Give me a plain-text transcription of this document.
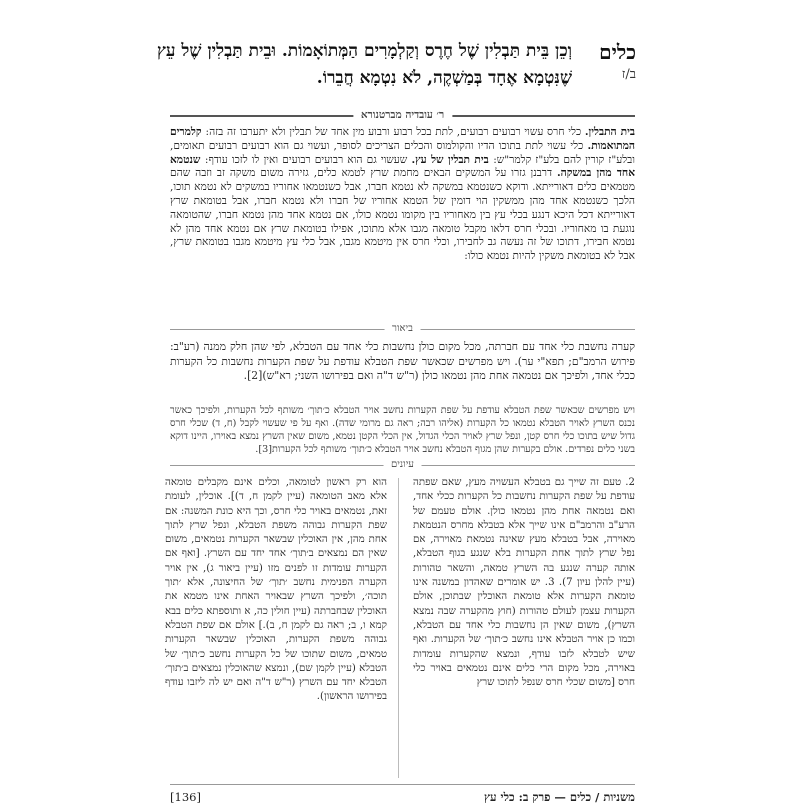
כלים
ב/ז
וְכֵן בֵּית תַּבְלִין שֶׁל חֶרֶס וְקַלְמָרִים הַמְּתוֹאָמוֹת. וּבֵית תַּבְלִין שֶׁל עֵץ שֶׁנִּטְמָא אֶחָד בְּמַשְׁקֶה, לֹא נִטְמָא חֲבֵרוֹ.
ר׳ עובדיה מברטנורא
בית התבלין. כלי חרס עשוי רבועים רבועים, לתת בכל רבוע ורבוע מין אחד של תבלין ולא יתערבו זה בזה: קלמרים המתואמות. כלי עשוי לתת בתוכו הדיו והקולמוס והכלים הצריכים לסופר, ועשוי גם הוא רבועים רבועים תאומים, ובלע"ז קורין להם בלע"ז קלמר"ש: בית תבלין של עץ. שעשוי גם הוא רבועים רבועים ואין לו לזכו עודף: שנטמא אחד מהן במשקה. דרבנן גזרו על המשקים הבאים מחמת שרץ לטמא כלים, גזירה משום משקה זב וזבה שהם מטמאים כלים דאורייתא. ודוקא כשנטמא במשקה לא נטמא חברו, אבל כשנטמאו אחוריו במשקים לא נטמא תוכו, הלכך כשנטמא אחד מהן ממשקין הוי דומין של הטמא אחוריו של חברו ולא נטמא חברו, אבל בטומאת שרץ דאורייתא דכל היכא דנגע בכלי עץ בין מאחוריו בין מקומו נטמא כולו, אם נטמא אחד מהן נטמא חברו, שהטומאה נוגעת בו מאחוריו. ובכלי חרס דלאו מקבל טומאה מגבו אלא מתוכו, אפילו בטומאת שרץ אם נטמא אחד מהן לא נטמא חבירו, דתוכו של זה נעשה גב לחבירו, וכלי חרס אין מיטמא מגבו, אבל כלי עץ מיטמא מגבו בטומאת שרץ, אבל לא בטומאת משקין להיות נטמא כולו:
ביאור
קערה נחשבת כלי אחד עם חברתה, מכל מקום כולן נחשבות כלי אחד עם הטבלא, לפי שהן חלק ממנה (רע"ב: פירוש הרמב"ם; תפא"י ער). ויש מפרשים שכאשר שפת הטבלא עודפת על שפת הקערות נחשבות כל הקערות ככלי אחד, ולפיכך אם נטמאה אחת מהן נטמאו כולן (ר"ש ד"ה ואם בפירושו השני; רא"ש)[2].
ויש מפרשים שכאשר שפת הטבלא עודפת על שפת הקערות נחשב אויר הטבלא כ׳תוך׳ משותף לכל הקערות, ולפיכך כאשר נכנס השרץ לאויר הטבלא נטמאו כל הקערות (אליהו רבה; ראה גם מרומי שדה). ואף על פי שעשוי לקבל (ח, ד) שכלי חרס גדול שיש בתוכו כלי חרס קטן, ונפל שרץ לאויר הכלי הגדול, אין הכלי הקטן נטמא, משום שאין השרץ נמצא באוירו, היינו דוקא בשני כלים נפרדים. אולם בקערות שהן מגוף הטבלא נחשב אויר הטבלא כ׳תוך׳ משותף לכל הקערות[3].
עיונים
2. טעם זה שייך גם בטבלא העשויה מעץ, שאם שפתה עודפת על שפת הקערות נחשבות כל הקערות ככלי אחד, ואם נטמאה אחת מהן נטמאו כולן. אולם טעמם של הרע"ב והרמב"ם אינו שייך אלא בטבלא מחרס הנטמאת מאוירה, אבל בטבלא מעץ שאינה נטמאת מאוירה, אם נפל שרץ לתוך אחת הקערות בלא שנגע בגוף הטבלא, אותה קערה שנגע בה השרץ טמאה, והשאר טהורות (עיין להלן עיון 7). 3. יש אומרים שאהדון במשנה אינו טומאת הקערות אלא טומאת האוכלין שבתוכן, אולם הקערות עצמן לעולם טהורות (חוץ מהקערה שבה נמצא השרץ), משום שאין הן נחשבות כלי אחד עם הטבלא, וכמו כן אויר הטבלא אינו נחשב כ׳תוך׳ של הקערות. ואף שיש לטבלא לזבו עודף, ונמצא שהקערות עומדות באוירה, מכל מקום הרי כלים אינם נטמאים באויר כלי חרס [משום שכלי חרס שנפל לתוכו שרץ
הוא רק ראשון לטומאה, וכלים אינם מקבלים טומאה אלא מאב הטומאה (עיין לקמן ח, ד)]. אוכלין, לעומת זאת, נטמאים באויר כלי חרס, וכך היא כונת המשנה: אם שפת הקערות גבוהה משפת הטבלא, ונפל שרץ לתוך אחת מהן, אין האוכלין שבשאר הקערות נטמאים, משום שאין הם נמצאים ב׳תוך׳ אחד יחד עם השרץ. [ואף אם הקערות עומדות זו לפנים מזו (עיין ביאור ג), אין אויר הקערה הפנימית נחשב ׳תוך׳ של החיצונה, אלא ׳תוך תוכה׳, ולפיכך השרץ שבאויר האחת אינו מטמא את האוכלין שבחברתה (עיין חולין כה, א ותוספתא כלים בבא קמא ו, ב; ראה גם לקמן ח, ב).] אולם אם שפת הטבלא גבוהה משפת הקערות, האוכלין שבשאר הקערות טמאים, משום שתוכו של כל הקערות נחשב כ׳תוך׳ של הטבלא (עיין לקמן שם), ונמצא שהאוכלין נמצאים ב׳תוך׳ הטבלא יחד עם השרץ (ר"ש ד"ה ואם יש לה ליזבו עודף בפירושו הראשון).
משניות / כלים — פרק ב: כלי עץ
[136]
